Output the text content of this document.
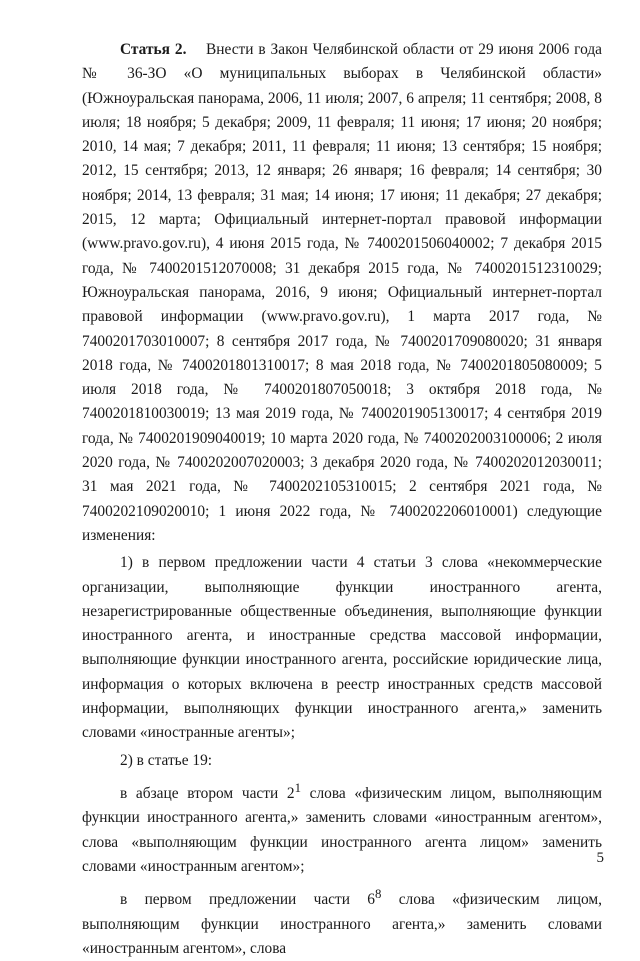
Статья 2. Внести в Закон Челябинской области от 29 июня 2006 года № 36-ЗО «О муниципальных выборах в Челябинской области» (Южноуральская панорама, 2006, 11 июля; 2007, 6 апреля; 11 сентября; 2008, 8 июля; 18 ноября; 5 декабря; 2009, 11 февраля; 11 июня; 17 июня; 20 ноября; 2010, 14 мая; 7 декабря; 2011, 11 февраля; 11 июня; 13 сентября; 15 ноября; 2012, 15 сентября; 2013, 12 января; 26 января; 16 февраля; 14 сентября; 30 ноября; 2014, 13 февраля; 31 мая; 14 июня; 17 июня; 11 декабря; 27 декабря; 2015, 12 марта; Официальный интернет-портал правовой информации (www.pravo.gov.ru), 4 июня 2015 года, № 7400201506040002; 7 декабря 2015 года, № 7400201512070008; 31 декабря 2015 года, № 7400201512310029; Южноуральская панорама, 2016, 9 июня; Официальный интернет-портал правовой информации (www.pravo.gov.ru), 1 марта 2017 года, № 7400201703010007; 8 сентября 2017 года, № 7400201709080020; 31 января 2018 года, № 7400201801310017; 8 мая 2018 года, № 7400201805080009; 5 июля 2018 года, № 7400201807050018; 3 октября 2018 года, № 7400201810030019; 13 мая 2019 года, № 7400201905130017; 4 сентября 2019 года, № 7400201909040019; 10 марта 2020 года, № 7400202003100006; 2 июля 2020 года, № 7400202007020003; 3 декабря 2020 года, № 7400202012030011; 31 мая 2021 года, № 7400202105310015; 2 сентября 2021 года, № 7400202109020010; 1 июня 2022 года, № 7400202206010001) следующие изменения:

1) в первом предложении части 4 статьи 3 слова «некоммерческие организации, выполняющие функции иностранного агента, незарегистрированные общественные объединения, выполняющие функции иностранного агента, и иностранные средства массовой информации, выполняющие функции иностранного агента, российские юридические лица, информация о которых включена в реестр иностранных средств массовой информации, выполняющих функции иностранного агента,» заменить словами «иностранные агенты»;

2) в статье 19:

в абзаце втором части $2^1$ слова «физическим лицом, выполняющим функции иностранного агента,» заменить словами «иностранным агентом», слова «выполняющим функции иностранного агента лицом» заменить словами «иностранным агентом»;

в первом предложении части $6^8$ слова «физическим лицом, выполняющим функции иностранного агента,» заменить словами «иностранным агентом», слова

5
